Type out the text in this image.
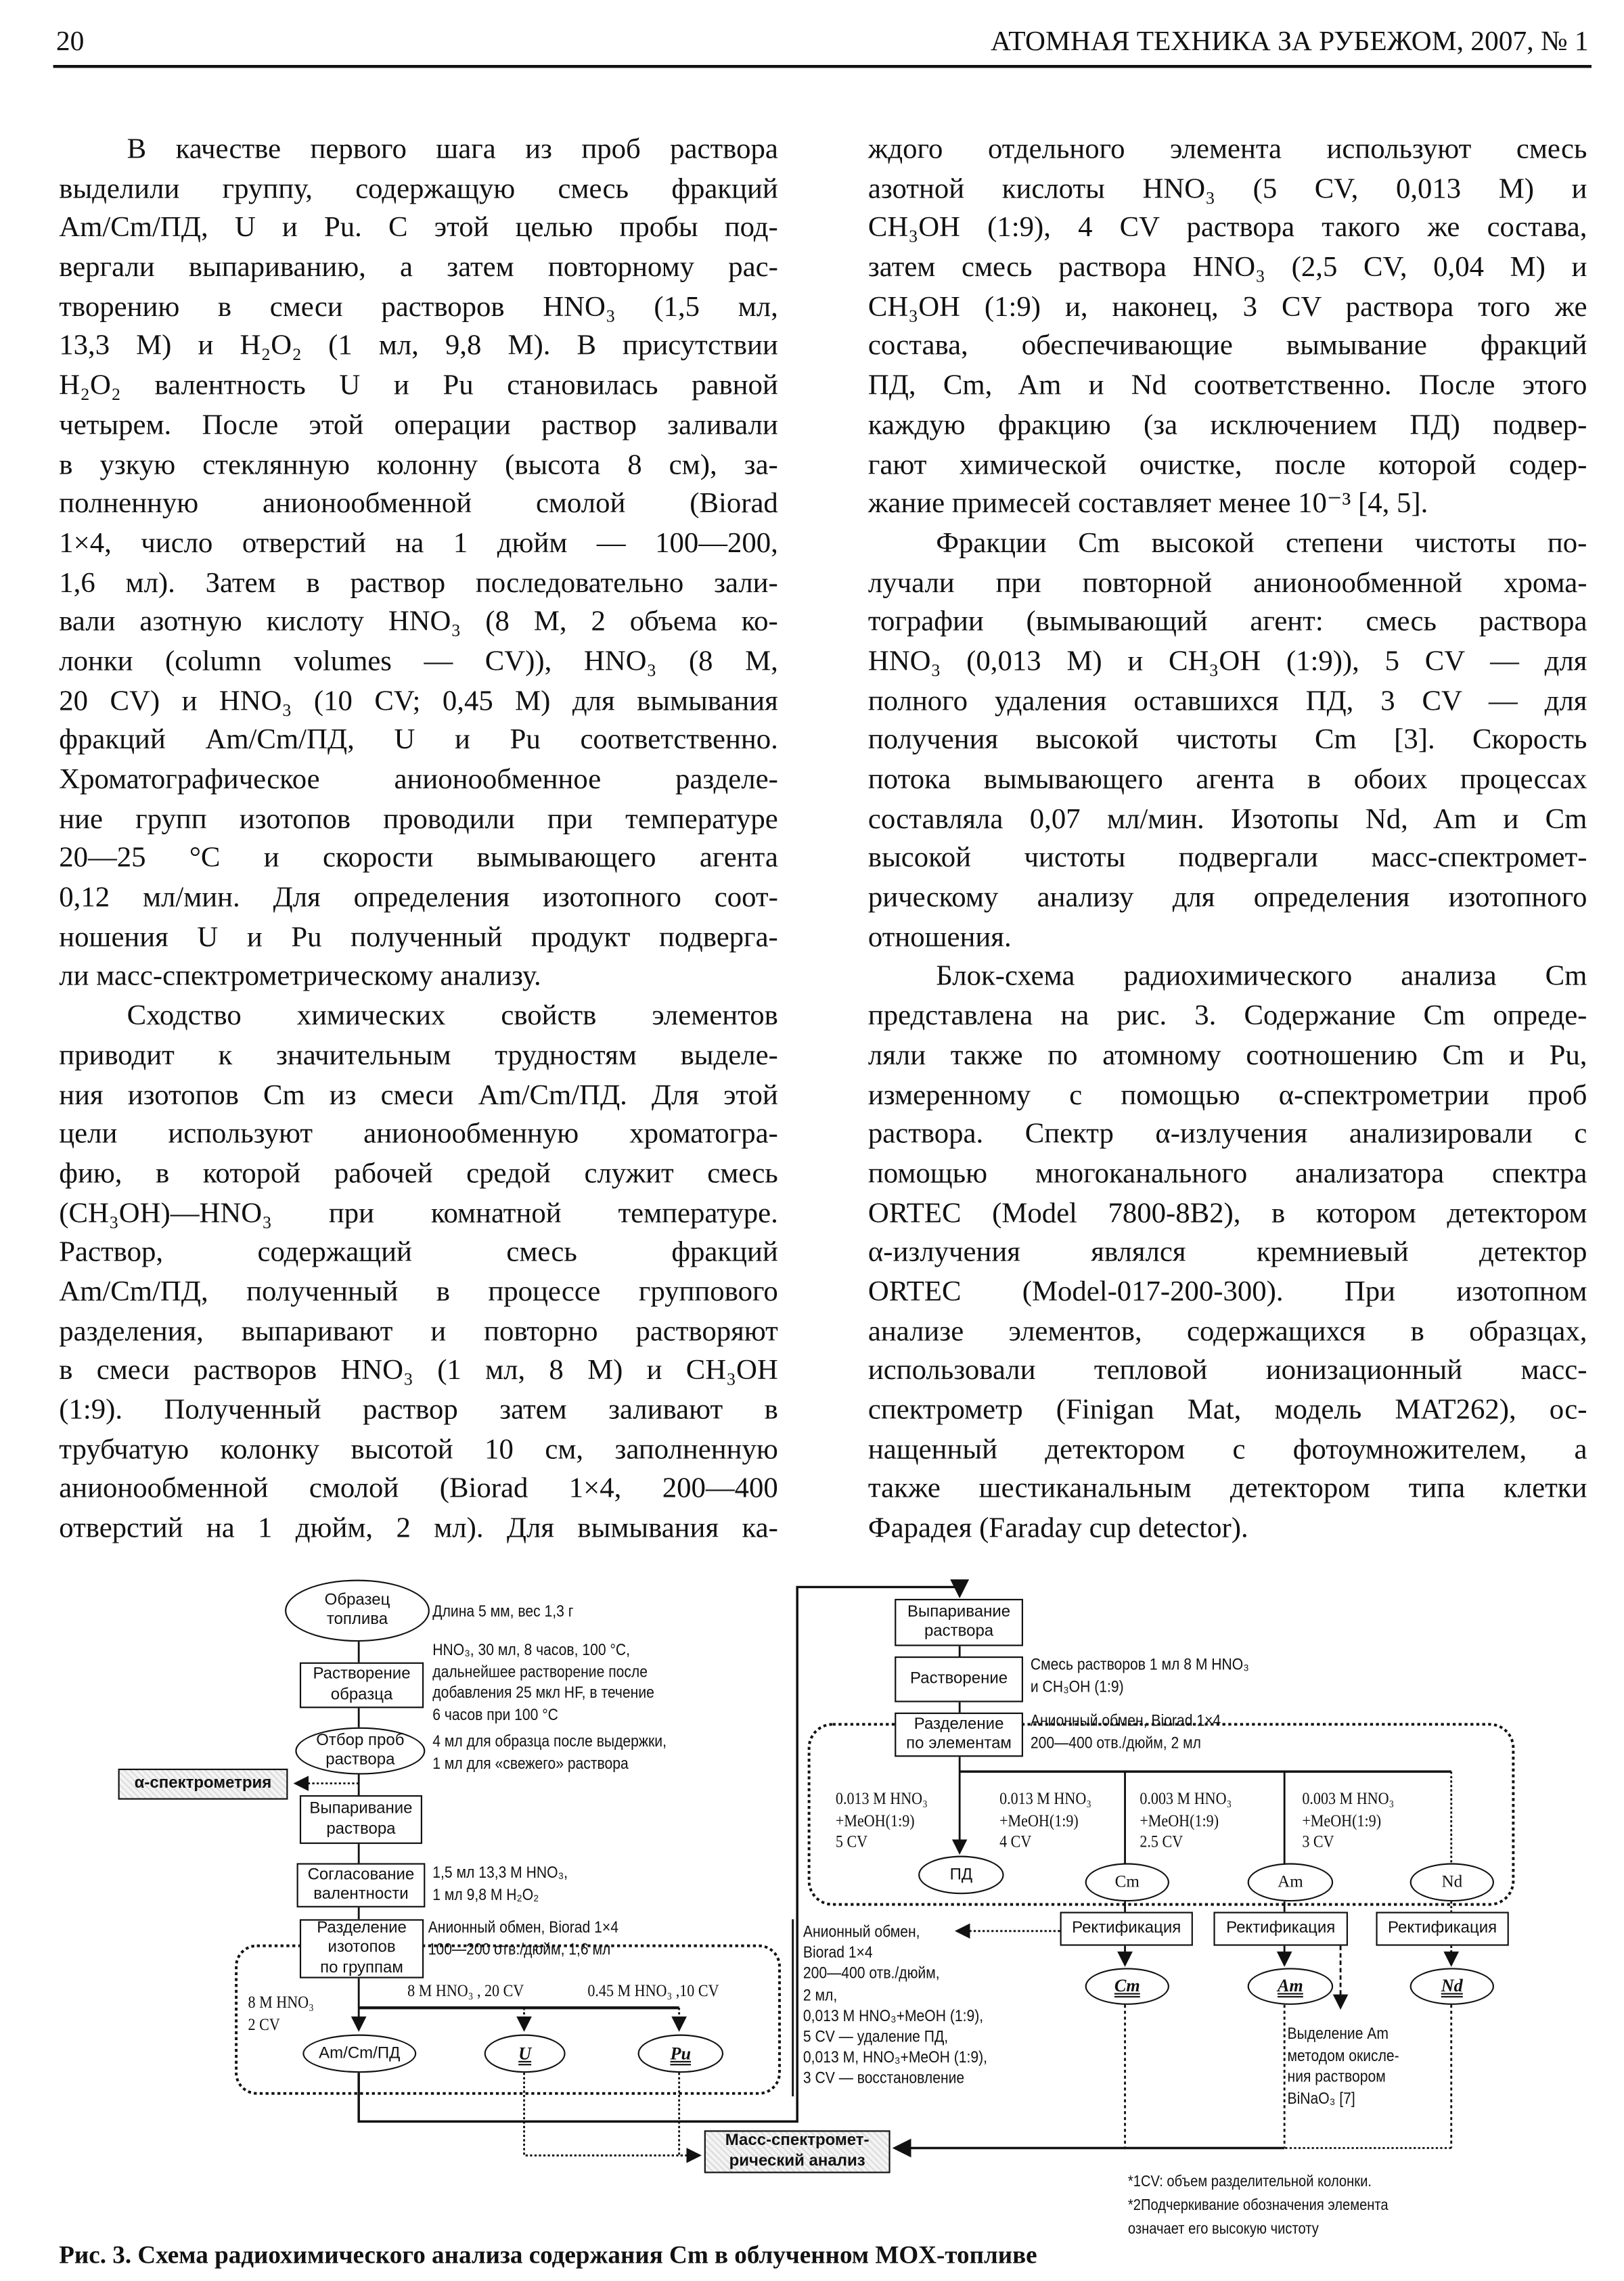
20	АТОМНАЯ ТЕХНИКА ЗА РУБЕЖОМ, 2007, № 1
В качестве первого шага из проб раствора
выделили группу, содержащую смесь фракций
Am/Cm/ПД, U и Pu. С этой целью пробы под-
вергали выпариванию, а затем повторному рас-
творению в смеси растворов HNO₃ (1,5 мл,
13,3 М) и H₂O₂ (1 мл, 9,8 М). В присутствии
H₂O₂ валентность U и Pu становилась равной
четырем. После этой операции раствор заливали
в узкую стеклянную колонну (высота 8 см), за-
полненную анионообменной смолой (Biorad
1×4, число отверстий на 1 дюйм — 100—200,
1,6 мл). Затем в раствор последовательно зали-
вали азотную кислоту HNO₃ (8 М, 2 объема ко-
лонки (column volumes — CV)), HNO₃ (8 М,
20 CV) и HNO₃ (10 CV; 0,45 М) для вымывания
фракций Am/Cm/ПД, U и Pu соответственно.
Хроматографическое анионообменное разделе-
ние групп изотопов проводили при температуре
20—25 °С и скорости вымывающего агента
0,12 мл/мин. Для определения изотопного соот-
ношения U и Pu полученный продукт подверга-
ли масс-спектрометрическому анализу.
Сходство химических свойств элементов
приводит к значительным трудностям выделе-
ния изотопов Cm из смеси Am/Cm/ПД. Для этой
цели используют анионообменную хроматогра-
фию, в которой рабочей средой служит смесь
(CH₃OH)—HNO₃ при комнатной температуре.
Раствор, содержащий смесь фракций
Am/Cm/ПД, полученный в процессе группового
разделения, выпаривают и повторно растворяют
в смеси растворов HNO₃ (1 мл, 8 М) и CH₃OH
(1:9). Полученный раствор затем заливают в
трубчатую колонку высотой 10 см, заполненную
анионообменной смолой (Biorad 1×4, 200—400
отверстий на 1 дюйм, 2 мл). Для вымывания ка-
ждого отдельного элемента используют смесь
азотной кислоты HNO₃ (5 CV, 0,013 М) и
CH₃OH (1:9), 4 CV раствора такого же состава,
затем смесь раствора HNO₃ (2,5 CV, 0,04 М) и
CH₃OH (1:9) и, наконец, 3 CV раствора того же
состава, обеспечивающие вымывание фракций
ПД, Cm, Am и Nd соответственно. После этого
каждую фракцию (за исключением ПД) подвер-
гают химической очистке, после которой содер-
жание примесей составляет менее 10⁻³ [4, 5].
Фракции Cm высокой степени чистоты по-
лучали при повторной анионообменной хрома-
тографии (вымывающий агент: смесь раствора
HNO₃ (0,013 М) и CH₃OH (1:9)), 5 CV — для
полного удаления оставшихся ПД, 3 CV — для
получения высокой чистоты Cm [3]. Скорость
потока вымывающего агента в обоих процессах
составляла 0,07 мл/мин. Изотопы Nd, Am и Cm
высокой чистоты подвергали масс-спектромет-
рическому анализу для определения изотопного
отношения.
Блок-схема радиохимического анализа Cm
представлена на рис. 3. Содержание Cm опреде-
ляли также по атомному соотношению Cm и Pu,
измеренному с помощью α-спектрометрии проб
раствора. Спектр α-излучения анализировали с
помощью многоканального анализатора спектра
ORTEC (Model 7800-8B2), в котором детектором
α-излучения являлся кремниевый детектор
ORTEC (Model-017-200-300). При изотопном
анализе элементов, содержащихся в образцах,
использовали тепловой ионизационный масс-
спектрометр (Finigan Mat, модель MAT262), ос-
нащенный детектором с фотоумножителем, а
также шестиканальным детектором типа клетки
Фарадея (Faraday cup detector).
Образец
топлива	Длина 5 мм, вес 1,3 г
Растворение
образца
HNO₃, 30 мл, 8 часов, 100 °С,
дальнейшее растворение после
добавления 25 мкл HF, в течение
6 часов при 100 °С
Отбор проб
раствора
4 мл для образца после выдержки,
1 мл для «свежего» раствора
α-спектрометрия
Выпаривание
раствора
Согласование
валентности
1,5 мл 13,3 М HNO₃,
1 мл 9,8 М H₂O₂
Разделение
изотопов
по группам
Анионный обмен, Biorad 1×4
100—200 отв./дюйм, 1,6 мл
8 M HNO₃ , 20 CV	0.45 M HNO₃ ,10 CV
8 M HNO₃
2 CV
Am/Cm/ПД	U	Pu
Масс-спектромет-
рический анализ
Выпаривание
раствора
Растворение
Смесь растворов 1 мл 8 М HNO₃
и CH₃OH (1:9)
Разделение
по элементам
Анионный обмен, Biorad 1×4
200—400 отв./дюйм, 2 мл
0.013 M HNO₃
+MeOH(1:9)
5 CV
0.013 M HNO₃
+MeOH(1:9)
4 CV
0.003 M HNO₃
+MeOH(1:9)
2.5 CV
0.003 M HNO₃
+MeOH(1:9)
3 CV
ПД	Cm	Am	Nd
Ректификация	Ректификация	Ректификация
Анионный обмен,
Biorad 1×4
200—400 отв./дюйм,
2 мл,
0,013 М HNO₃+MeOH (1:9),
5 CV — удаление ПД,
0,013 М, HNO₃+MeOH (1:9),
3 CV — восстановление
Cm	Am	Nd
Выделение Am
методом окисле-
ния раствором
BiNaO₃ [7]
*1CV: объем разделительной колонки.
*2Подчеркивание обозначения элемента
означает его высокую чистоту
Рис. 3. Схема радиохимического анализа содержания Cm в облученном MOX-топливе
